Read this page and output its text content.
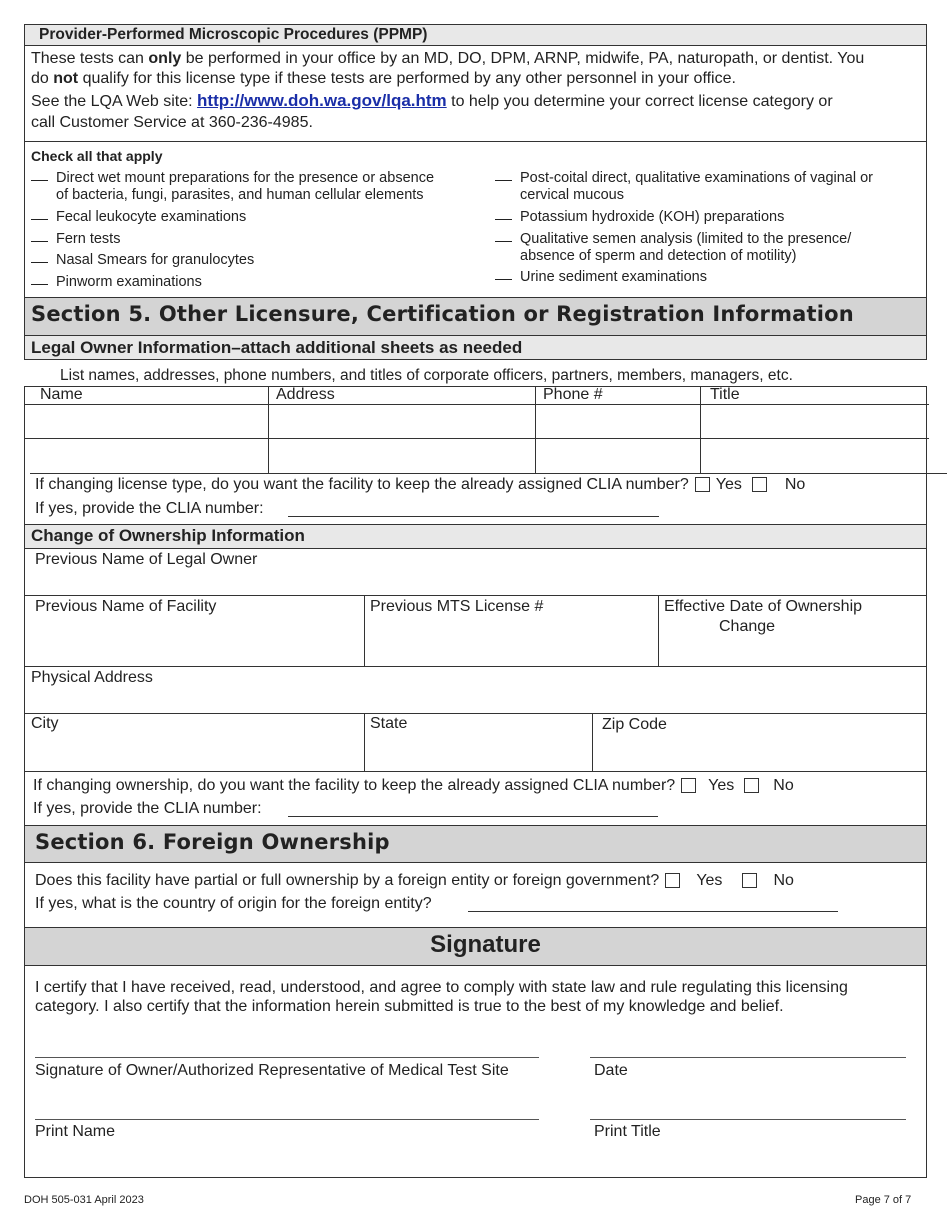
Provider-Performed Microscopic Procedures (PPMP)
These tests can only be performed in your office by an MD, DO, DPM, ARNP, midwife, PA, naturopath, or dentist. You
do not qualify for this license type if these tests are performed by any other personnel in your office.
See the LQA Web site: http://www.doh.wa.gov/lqa.htm to help you determine your correct license category or
call Customer Service at 360-236-4985.
Check all that apply
Direct wet mount preparations for the presence or absence
of bacteria, fungi, parasites, and human cellular elements
Fecal leukocyte examinations
Fern tests
Nasal Smears for granulocytes
Pinworm examinations
Post-coital direct, qualitative examinations of vaginal or
cervical mucous
Potassium hydroxide (KOH) preparations
Qualitative semen analysis (limited to the presence/
absence of sperm and detection of motility)
Urine sediment examinations
Section 5. Other Licensure, Certification or Registration Information
Legal Owner Information–attach additional sheets as needed
List names, addresses, phone numbers, and titles of corporate officers, partners, members, managers, etc.
Name	Address	Phone #	Title
If changing license type, do you want the facility to keep the already assigned CLIA number? Yes	No
If yes, provide the CLIA number:
Change of Ownership Information
Previous Name of Legal Owner
Previous Name of Facility	Previous MTS License #	Effective Date of Ownership
Change
Physical Address
City	State	Zip Code
If changing ownership, do you want the facility to keep the already assigned CLIA number? Yes No
If yes, provide the CLIA number:
Section 6. Foreign Ownership
Does this facility have partial or full ownership by a foreign entity or foreign government? Yes	No
If yes, what is the country of origin for the foreign entity?
Signature
I certify that I have received, read, understood, and agree to comply with state law and rule regulating this licensing
category. I also certify that the information herein submitted is true to the best of my knowledge and belief.
Signature of Owner/Authorized Representative of Medical Test Site	Date
Print Name	Print Title
DOH 505-031 April 2023	Page 7 of 7
